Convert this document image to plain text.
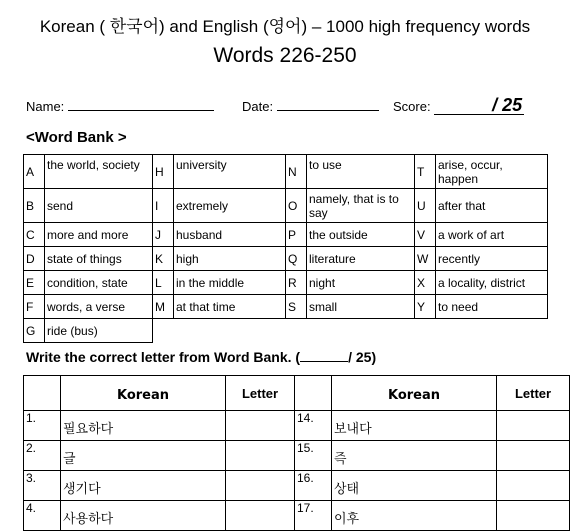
Korean ( 한국어) and English (영어) – 1000 high frequency words
Words 226-250
Name:	Date:	Score:	/ 25
<Word Bank >
A	the world, society	H	university	N	to use	T	arise, occur, happen
B	send	I	extremely	O	namely, that is to say	U	after that
C	more and more	J	husband	P	the outside	V	a work of art
D	state of things	K	high	Q	literature	W	recently
E	condition, state	L	in the middle	R	night	X	a locality, district
F	words, a verse	M	at that time	S	small	Y	to need
G	ride (bus)						
Write the correct letter from Word Bank. (	/ 25)
	Korean	Letter		Korean	Letter
1.	필요하다		14.	보내다	
2.	글		15.	즉	
3.	생기다		16.	상태	
4.	사용하다		17.	이후	
